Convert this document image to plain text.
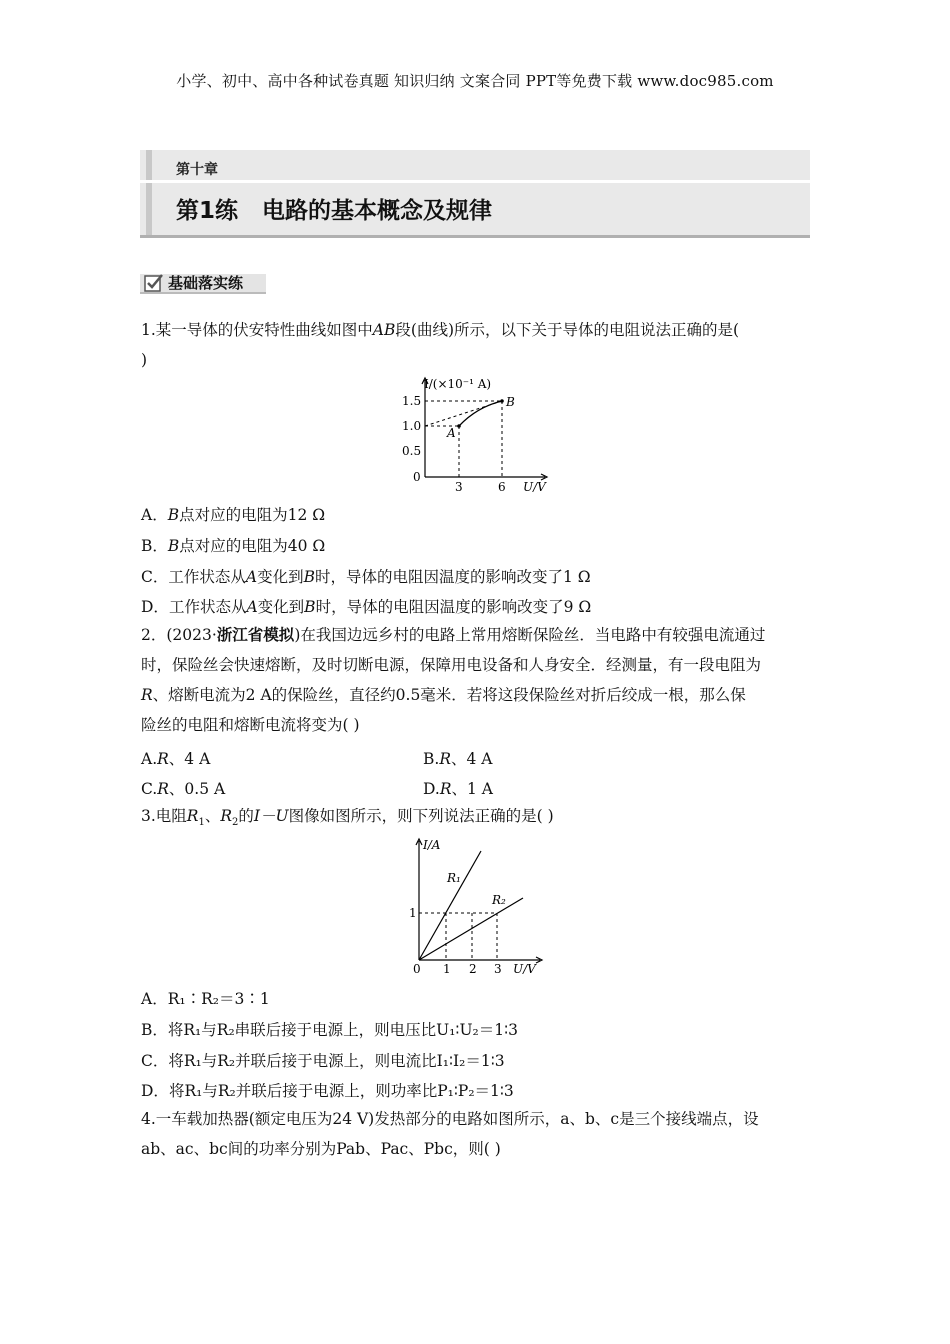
小学、初中、高中各种试卷真题 知识归纳 文案合同 PPT等免费下载 www.doc985.com
第十章
第1练 电路的基本概念及规律
基础落实练
1.某一导体的伏安特性曲线如图中AB段(曲线)所示，以下关于导体的电阻说法正确的是(
)
I/(×10⁻¹ A)
1.5
1.0
0.5
0
3	6 U/V
A
B
A．B点对应的电阻为12 Ω
B．B点对应的电阻为40 Ω
C．工作状态从A变化到B时，导体的电阻因温度的影响改变了1 Ω
D．工作状态从A变化到B时，导体的电阻因温度的影响改变了9 Ω
2．(2023·浙江省模拟)在我国边远乡村的电路上常用熔断保险丝．当电路中有较强电流通过
时，保险丝会快速熔断，及时切断电源，保障用电设备和人身安全．经测量，有一段电阻为
R、熔断电流为2 A的保险丝，直径约0.5毫米．若将这段保险丝对折后绞成一根，那么保
险丝的电阻和熔断电流将变为( )
A.R、4 A	B.R、4 A
C.R、0.5 A	D.R、1 A
3.电阻$R_1$、$R_2$的I－U图像如图所示，则下列说法正确的是( )
I/A
1
0 1 2 3 U/V
R₁
R₂
A．R₁∶R₂＝3∶1
B．将R₁与R₂串联后接于电源上，则电压比U₁∶U₂＝1∶3
C．将R₁与R₂并联后接于电源上，则电流比I₁∶I₂＝1∶3
D．将R₁与R₂并联后接于电源上，则功率比P₁∶P₂＝1∶3
4.一车载加热器(额定电压为24 V)发热部分的电路如图所示，a、b、c是三个接线端点，设
ab、ac、bc间的功率分别为Pab、Pac、Pbc，则( )
